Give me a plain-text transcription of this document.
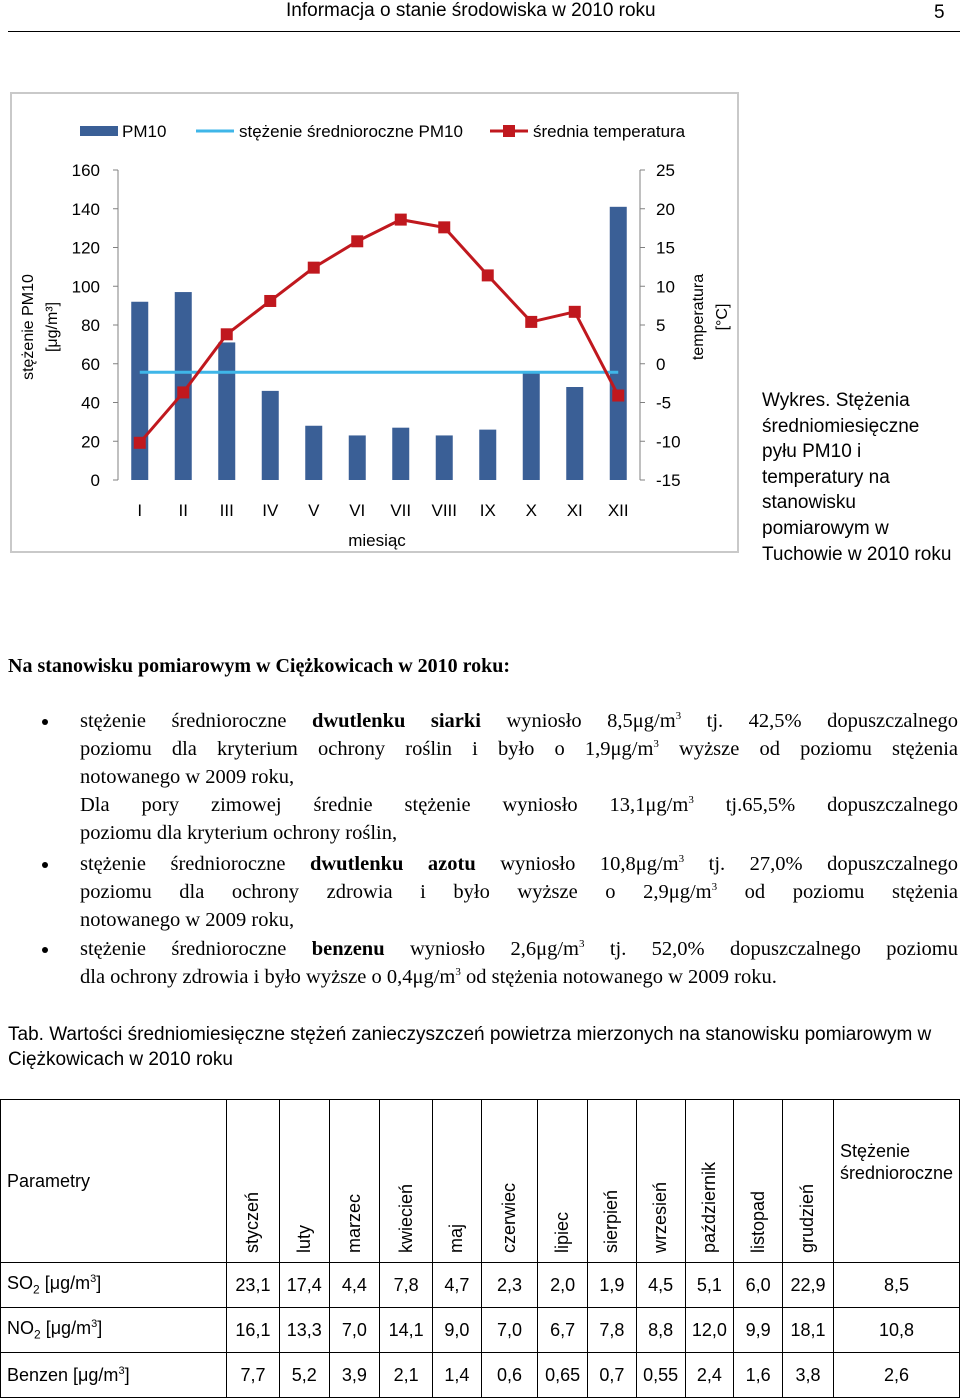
Informacja o stanie środowiska w 2010 roku	5
0
20
40
60
80
100
120
140
160
-15
-10
-5
0
5
10
15
20
25
I II III IV V VI VII VIII IX X XI XII
miesiąc
stężenie PM10 [μg/m³]	temperatura [°C]
PM10	stężenie średnioroczne PM10	średnia temperatura
Wykres. Stężenia średniomiesięczne pyłu PM10 i temperatury na stanowisku pomiarowym w Tuchowie w 2010 roku
Na stanowisku pomiarowym w Ciężkowicach w 2010 roku:
stężenie średnioroczne dwutlenku siarki wyniosło $8,5\mu g/m^3$ tj. 42,5% dopuszczalnego
poziomu dla kryterium ochrony roślin i było o $1,9\mu g/m^3$ wyższe od poziomu stężenia
notowanego w 2009 roku,
Dla pory zimowej średnie stężenie wyniosło $13,1\mu g/m^3$ tj.65,5% dopuszczalnego
poziomu dla kryterium ochrony roślin,
stężenie średnioroczne dwutlenku azotu wyniosło $10,8\mu g/m^3$ tj. 27,0% dopuszczalnego
poziomu dla ochrony zdrowia i było wyższe o $2,9\mu g/m^3$ od poziomu stężenia
notowanego w 2009 roku,
stężenie średnioroczne benzenu wyniosło $2,6\mu g/m^3$ tj. 52,0% dopuszczalnego poziomu
dla ochrony zdrowia i było wyższe o $0,4\mu g/m^3$ od stężenia notowanego w 2009 roku.
Tab. Wartości średniomiesięczne stężeń zanieczyszczeń powietrza mierzonych na stanowisku pomiarowym w Ciężkowicach w 2010 roku
Parametry	styczeń	luty	marzec	kwiecień	maj	czerwiec	lipiec	sierpień	wrzesień	październik	listopad	grudzień	Stężenie średnioroczne
$SO_2$ $[\mu g/m^3]$	23,1	17,4	4,4	7,8	4,7	2,3	2,0	1,9	4,5	5,1	6,0	22,9	8,5
$NO_2$ $[\mu g/m^3]$	16,1	13,3	7,0	14,1	9,0	7,0	6,7	7,8	8,8	12,0	9,9	18,1	10,8
Benzen $[\mu g/m^3]$	7,7	5,2	3,9	2,1	1,4	0,6	0,65	0,7	0,55	2,4	1,6	3,8	2,6
